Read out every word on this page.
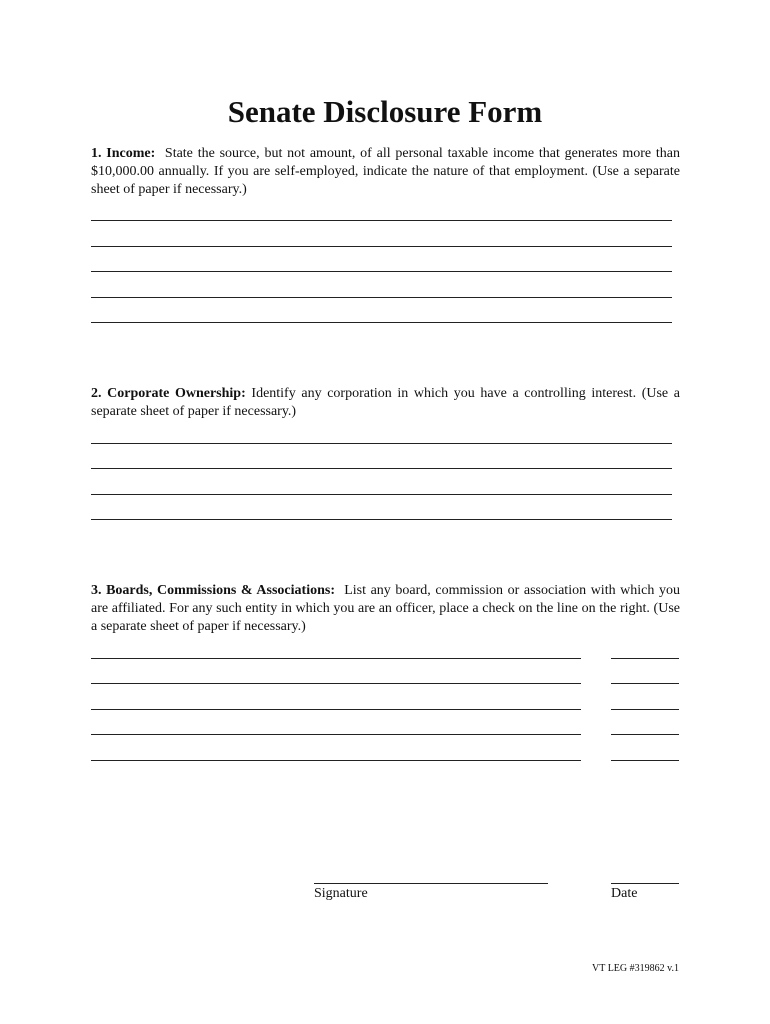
Senate Disclosure Form

1. Income: State the source, but not amount, of all personal taxable income that generates more than $10,000.00 annually. If you are self-employed, indicate the nature of that employment. (Use a separate sheet of paper if necessary.)

2. Corporate Ownership: Identify any corporation in which you have a controlling interest. (Use a separate sheet of paper if necessary.)

3. Boards, Commissions & Associations: List any board, commission or association with which you are affiliated. For any such entity in which you are an officer, place a check on the line on the right. (Use a separate sheet of paper if necessary.)

Signature	Date
VT LEG #319862 v.1
